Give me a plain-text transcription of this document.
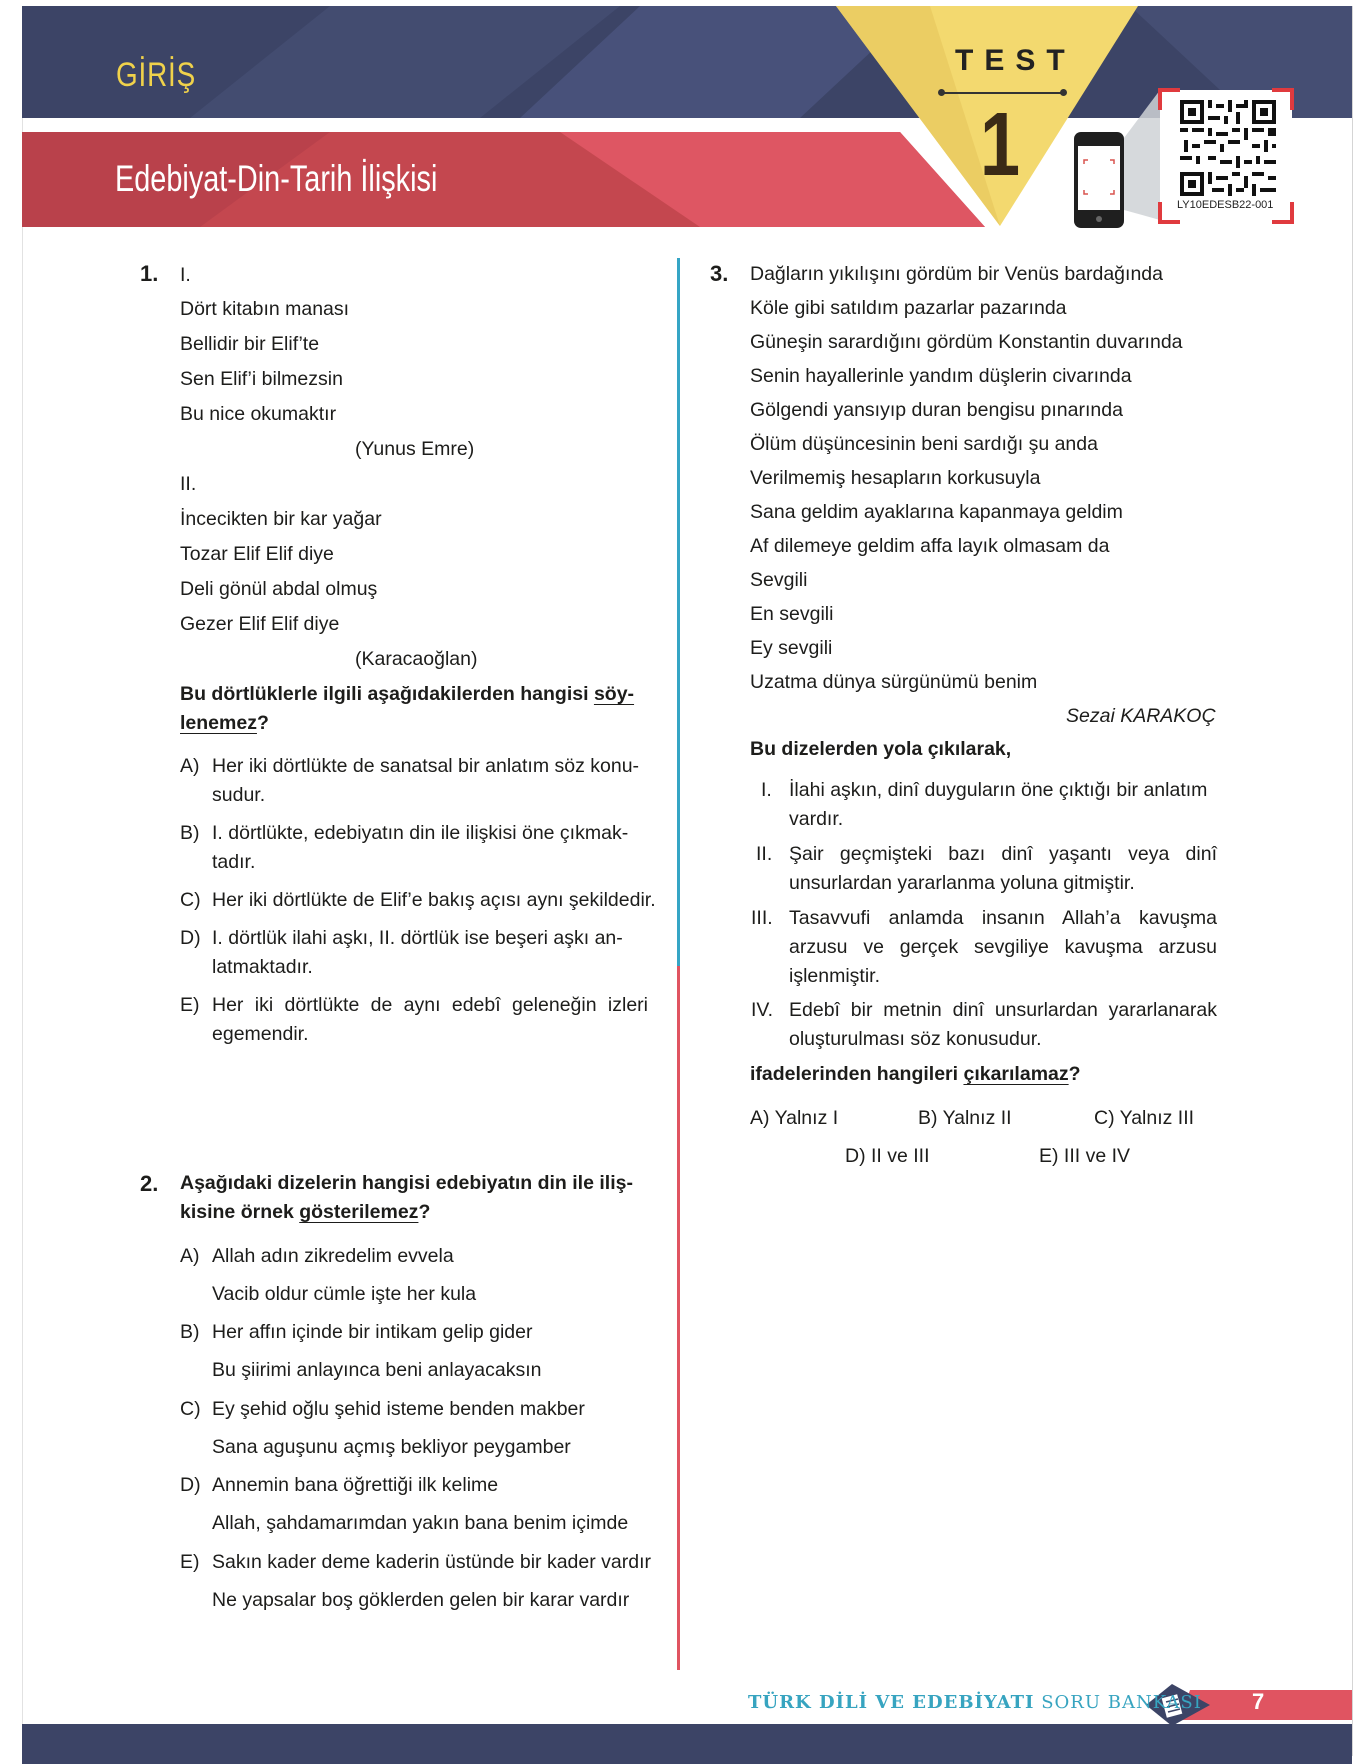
GİRİŞ
Edebiyat-Din-Tarih İlişkisi
TEST
1
LY10EDESB22-001
1. I.
Dört kitabın manası
Bellidir bir Elif’te
Sen Elif’i bilmezsin
Bu nice okumaktır
(Yunus Emre)
II.
İncecikten bir kar yağar
Tozar Elif Elif diye
Deli gönül abdal olmuş
Gezer Elif Elif diye
(Karacaoğlan)
Bu dörtlüklerle ilgili aşağıdakilerden hangisi söy-
lenemez?
A) Her iki dörtlükte de sanatsal bir anlatım söz konu-
sudur.
B) I. dörtlükte, edebiyatın din ile ilişkisi öne çıkmak-
tadır.
C) Her iki dörtlükte de Elif’e bakış açısı aynı şekildedir.
D) I. dörtlük ilahi aşkı, II. dörtlük ise beşeri aşkı an-
latmaktadır.
E) Her iki dörtlükte de aynı edebî geleneğin izleri
egemendir.
2. Aşağıdaki dizelerin hangisi edebiyatın din ile iliş-
kisine örnek gösterilemez?
A) Allah adın zikredelim evvela
Vacib oldur cümle işte her kula
B) Her affın içinde bir intikam gelip gider
Bu şiirimi anlayınca beni anlayacaksın
C) Ey şehid oğlu şehid isteme benden makber
Sana aguşunu açmış bekliyor peygamber
D) Annemin bana öğrettiği ilk kelime
Allah, şahdamarımdan yakın bana benim içimde
E) Sakın kader deme kaderin üstünde bir kader vardır
Ne yapsalar boş göklerden gelen bir karar vardır
3. Dağların yıkılışını gördüm bir Venüs bardağında
Köle gibi satıldım pazarlar pazarında
Güneşin sarardığını gördüm Konstantin duvarında
Senin hayallerinle yandım düşlerin civarında
Gölgendi yansıyıp duran bengisu pınarında
Ölüm düşüncesinin beni sardığı şu anda
Verilmemiş hesapların korkusuyla
Sana geldim ayaklarına kapanmaya geldim
Af dilemeye geldim affa layık olmasam da
Sevgili
En sevgili
Ey sevgili
Uzatma dünya sürgünümü benim
Sezai KARAKOÇ
Bu dizelerden yola çıkılarak,
I. İlahi aşkın, dinî duyguların öne çıktığı bir anlatım
vardır.
II. Şair geçmişteki bazı dinî yaşantı veya dinî
unsurlardan yararlanma yoluna gitmiştir.
III. Tasavvufi anlamda insanın Allah’a kavuşma
arzusu ve gerçek sevgiliye kavuşma arzusu
işlenmiştir.
IV. Edebî bir metnin dinî unsurlardan yararlanarak
oluşturulması söz konusudur.
ifadelerinden hangileri çıkarılamaz?
A) Yalnız I	B) Yalnız II	C) Yalnız III
D) II ve III	E) III ve IV
TÜRK DİLİ VE EDEBİYATI SORU BANKASI 7
